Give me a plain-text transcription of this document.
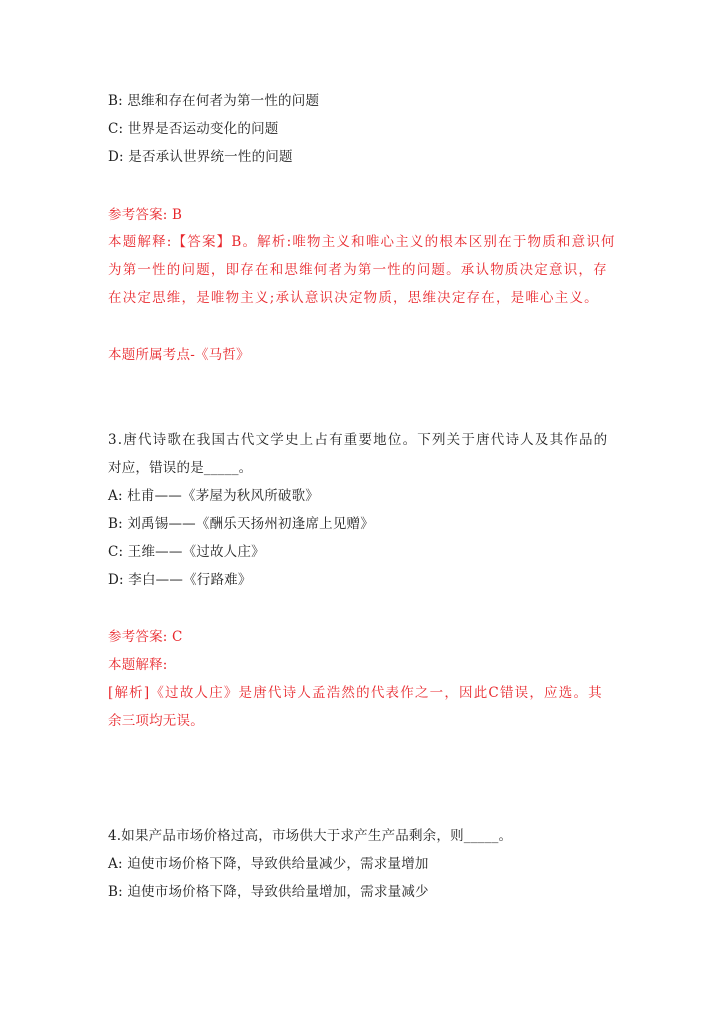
B: 思维和存在何者为第一性的问题
C: 世界是否运动变化的问题
D: 是否承认世界统一性的问题
参考答案: B
本题解释:【答案】B。解析:唯物主义和唯心主义的根本区别在于物质和意识何
为第一性的问题，即存在和思维何者为第一性的问题。承认物质决定意识，存
在决定思维，是唯物主义;承认意识决定物质，思维决定存在，是唯心主义。
本题所属考点-《马哲》
3.唐代诗歌在我国古代文学史上占有重要地位。下列关于唐代诗人及其作品的
对应，错误的是_____。
A: 杜甫——《茅屋为秋风所破歌》
B: 刘禹锡——《酬乐天扬州初逢席上见赠》
C: 王维——《过故人庄》
D: 李白——《行路难》
参考答案: C
本题解释:
[解析]《过故人庄》是唐代诗人孟浩然的代表作之一，因此C错误，应选。其
余三项均无误。
4.如果产品市场价格过高，市场供大于求产生产品剩余，则_____。
A: 迫使市场价格下降，导致供给量减少，需求量增加
B: 迫使市场价格下降，导致供给量增加，需求量减少
